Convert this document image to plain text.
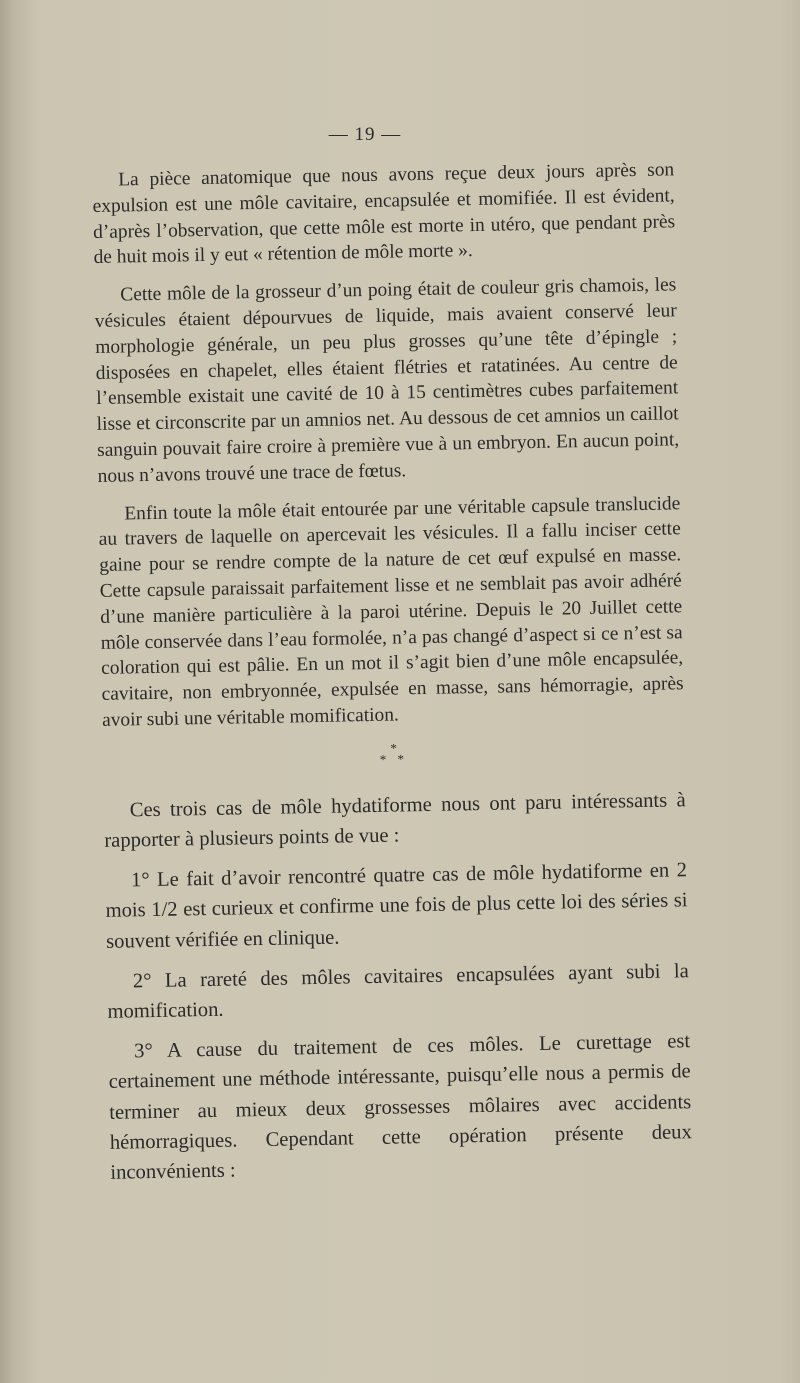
— 19 —

La pièce anatomique que nous avons reçue deux jours après son expulsion est une môle cavitaire, encapsulée et momifiée. Il est évident, d’après l’observation, que cette môle est morte in utéro, que pendant près de huit mois il y eut « rétention de môle morte ».

Cette môle de la grosseur d’un poing était de couleur gris chamois, les vésicules étaient dépourvues de liquide, mais avaient conservé leur morphologie générale, un peu plus grosses qu’une tête d’épingle ; disposées en chapelet, elles étaient flétries et ratatinées. Au centre de l’ensemble existait une cavité de 10 à 15 centimètres cubes parfaitement lisse et circonscrite par un amnios net. Au dessous de cet amnios un caillot sanguin pouvait faire croire à première vue à un embryon. En aucun point, nous n’avons trouvé une trace de fœtus.

Enfin toute la môle était entourée par une véritable capsule translucide au travers de laquelle on apercevait les vésicules. Il a fallu inciser cette gaine pour se rendre compte de la nature de cet œuf expulsé en masse. Cette capsule paraissait parfaitement lisse et ne semblait pas avoir adhéré d’une manière particulière à la paroi utérine. Depuis le 20 Juillet cette môle conservée dans l’eau formolée, n’a pas changé d’aspect si ce n’est sa coloration qui est pâlie. En un mot il s’agit bien d’une môle encapsulée, cavitaire, non embryonnée, expulsée en masse, sans hémorragie, après avoir subi une véritable momification.

*
* *

Ces trois cas de môle hydatiforme nous ont paru intéressants à rapporter à plusieurs points de vue :

1° Le fait d’avoir rencontré quatre cas de môle hydatiforme en 2 mois 1/2 est curieux et confirme une fois de plus cette loi des séries si souvent vérifiée en clinique.

2° La rareté des môles cavitaires encapsulées ayant subi la momification.

3° A cause du traitement de ces môles. Le curettage est certainement une méthode intéressante, puisqu’elle nous a permis de terminer au mieux deux grossesses môlaires avec accidents hémorragiques. Cependant cette opération présente deux inconvénients :
